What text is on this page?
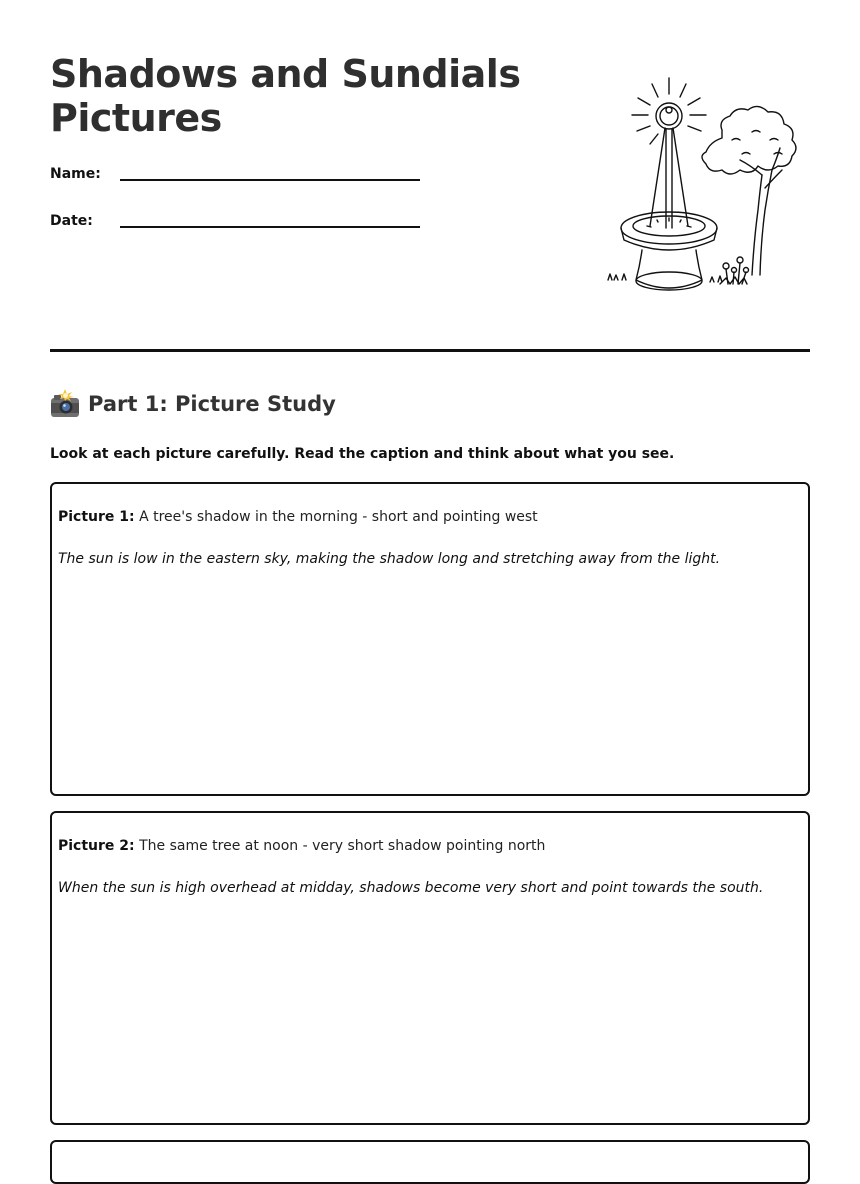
Shadows and Sundials
Pictures
Name:
Date:
Part 1: Picture Study

Look at each picture carefully. Read the caption and think about what you see.

Picture 1: A tree's shadow in the morning - short and pointing west

The sun is low in the eastern sky, making the shadow long and stretching away from the light.

Picture 2: The same tree at noon - very short shadow pointing north

When the sun is high overhead at midday, shadows become very short and point towards the south.
